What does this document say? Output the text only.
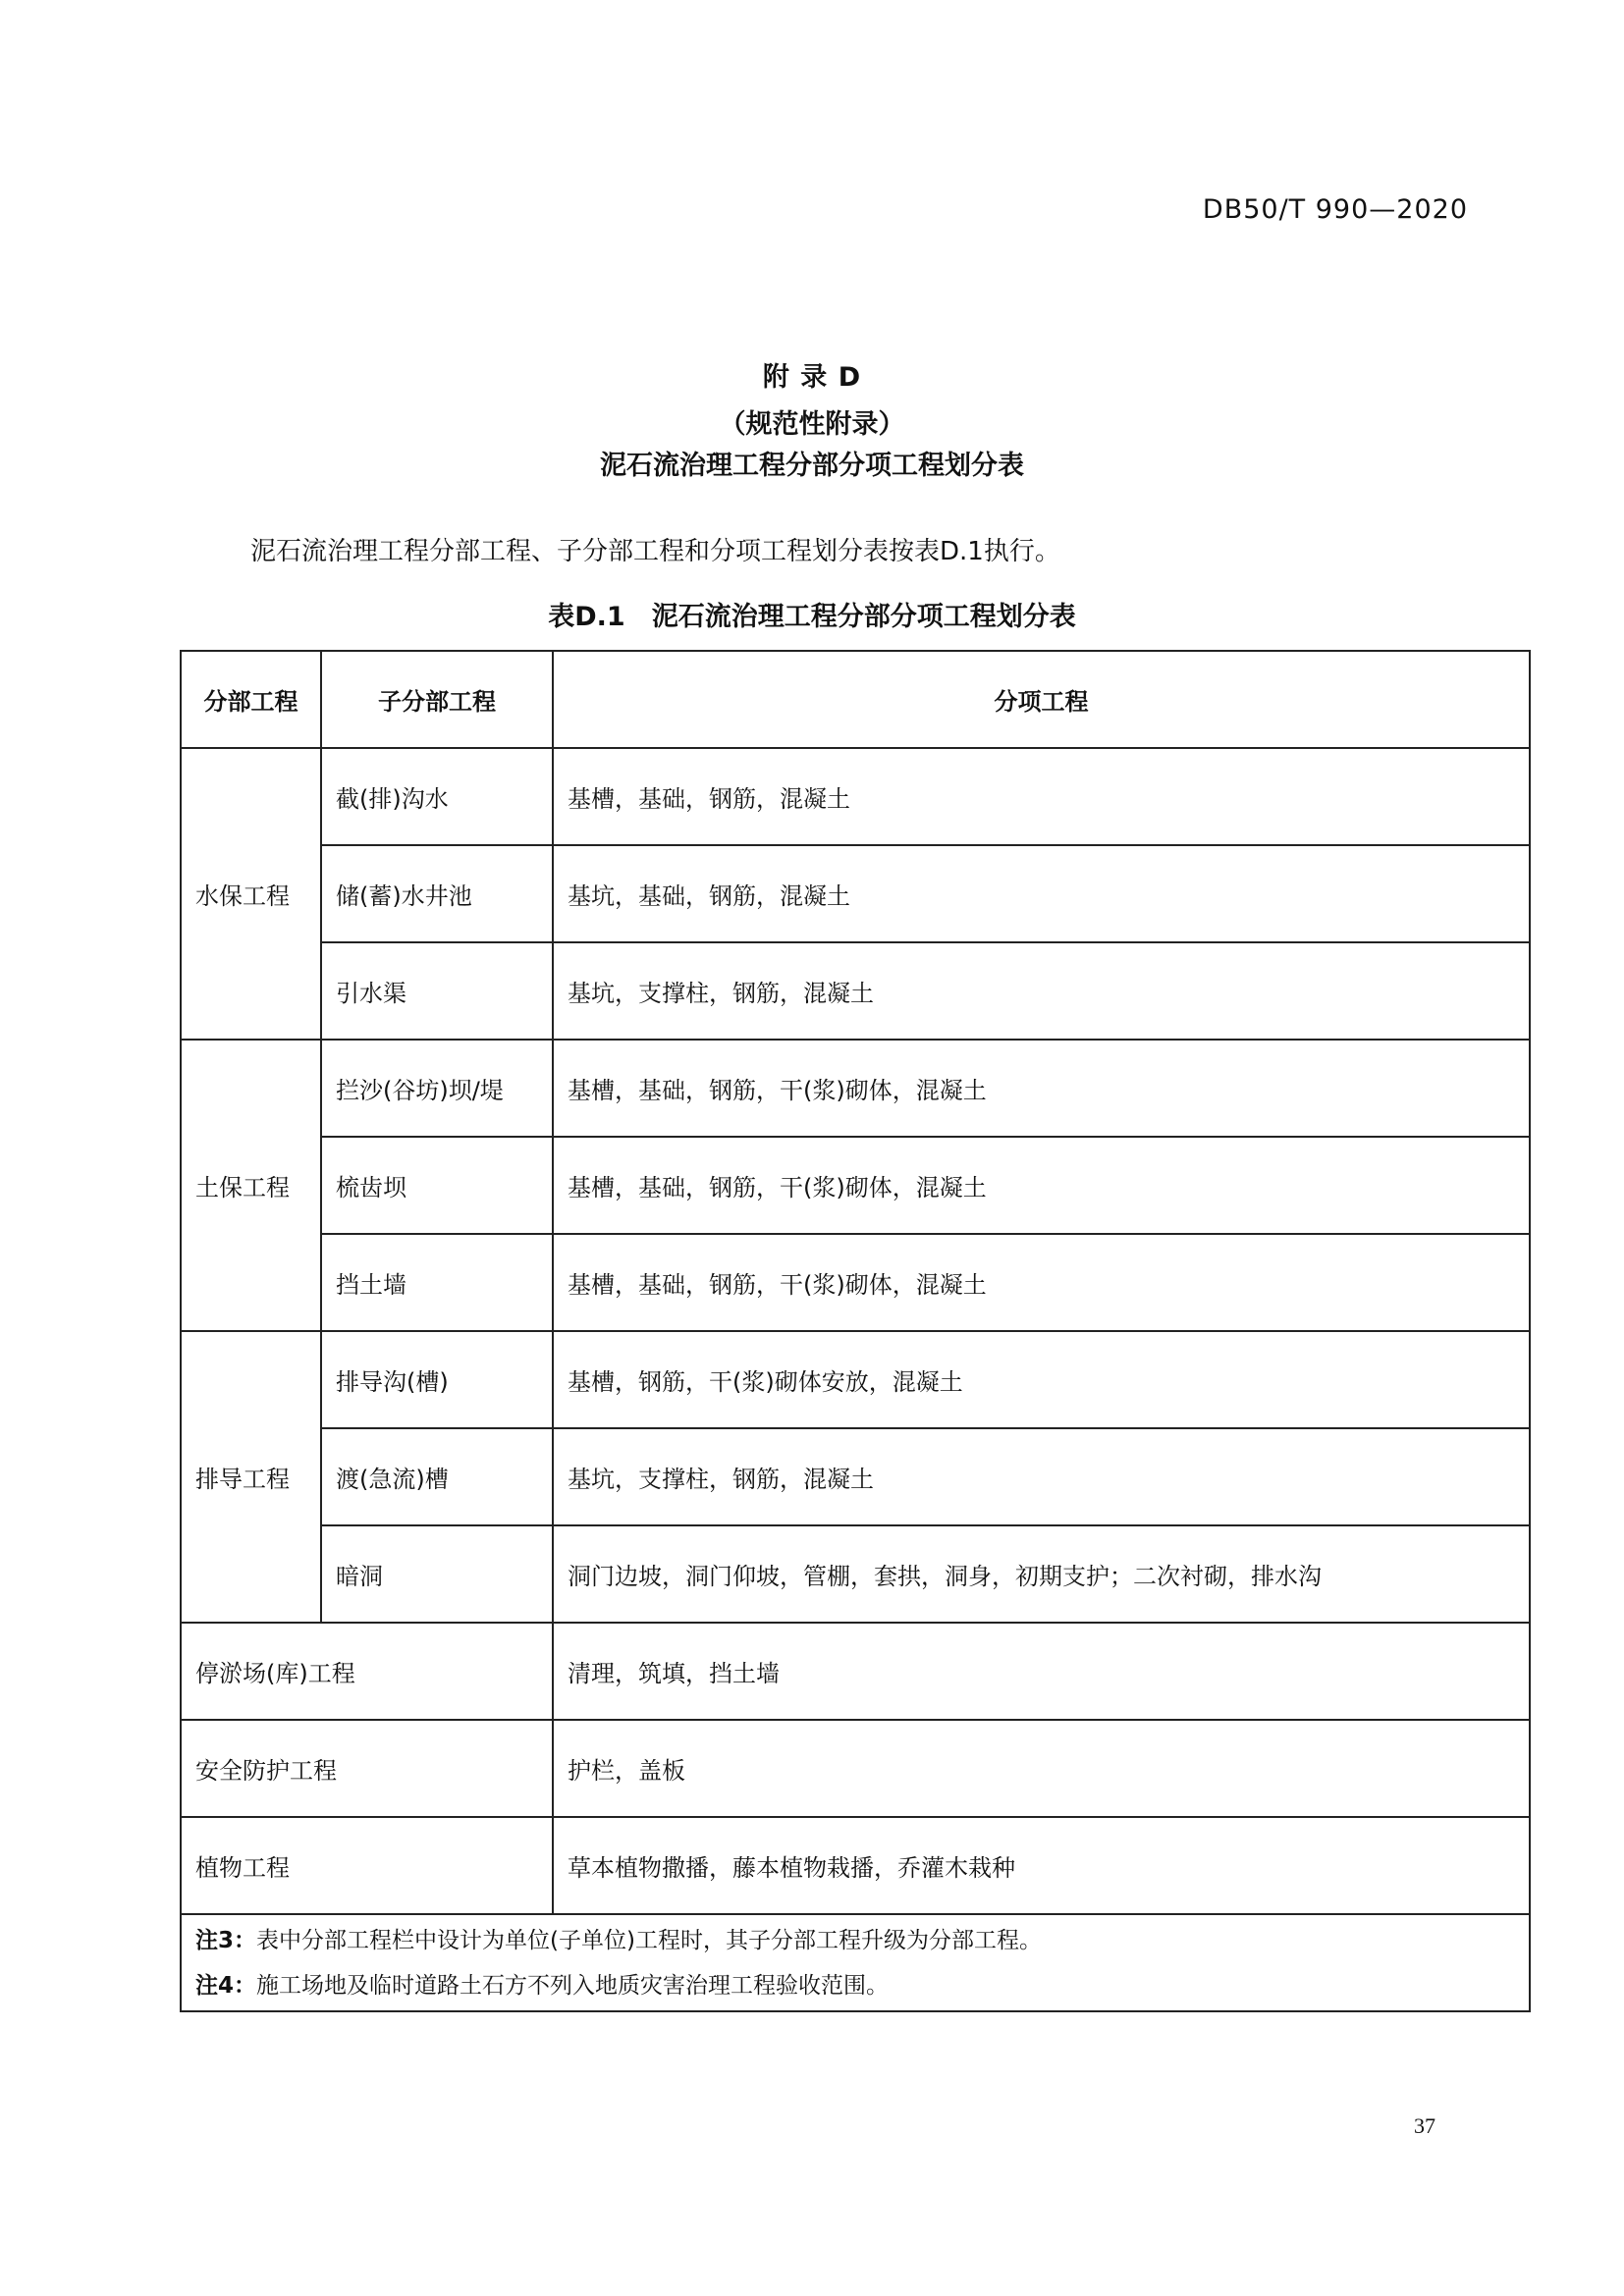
DB50/T 990—2020
附 录 D
（规范性附录）
泥石流治理工程分部分项工程划分表
泥石流治理工程分部工程、子分部工程和分项工程划分表按表D.1执行。
表D.1　泥石流治理工程分部分项工程划分表
分部工程	子分部工程	分项工程
水保工程	截(排)沟水	基槽，基础，钢筋，混凝土
	储(蓄)水井池	基坑，基础，钢筋，混凝土
	引水渠	基坑，支撑柱，钢筋，混凝土
土保工程	拦沙(谷坊)坝/堤	基槽，基础，钢筋，干(浆)砌体，混凝土
	梳齿坝	基槽，基础，钢筋，干(浆)砌体，混凝土
	挡土墙	基槽，基础，钢筋，干(浆)砌体，混凝土
排导工程	排导沟(槽)	基槽，钢筋，干(浆)砌体安放，混凝土
	渡(急流)槽	基坑，支撑柱，钢筋，混凝土
	暗洞	洞门边坡，洞门仰坡，管棚，套拱，洞身，初期支护；二次衬砌，排水沟
停淤场(库)工程		清理，筑填，挡土墙
安全防护工程		护栏，盖板
植物工程		草本植物撒播，藤本植物栽播，乔灌木栽种

注3：表中分部工程栏中设计为单位(子单位)工程时，其子分部工程升级为分部工程。
注4：施工场地及临时道路土石方不列入地质灾害治理工程验收范围。		
37
